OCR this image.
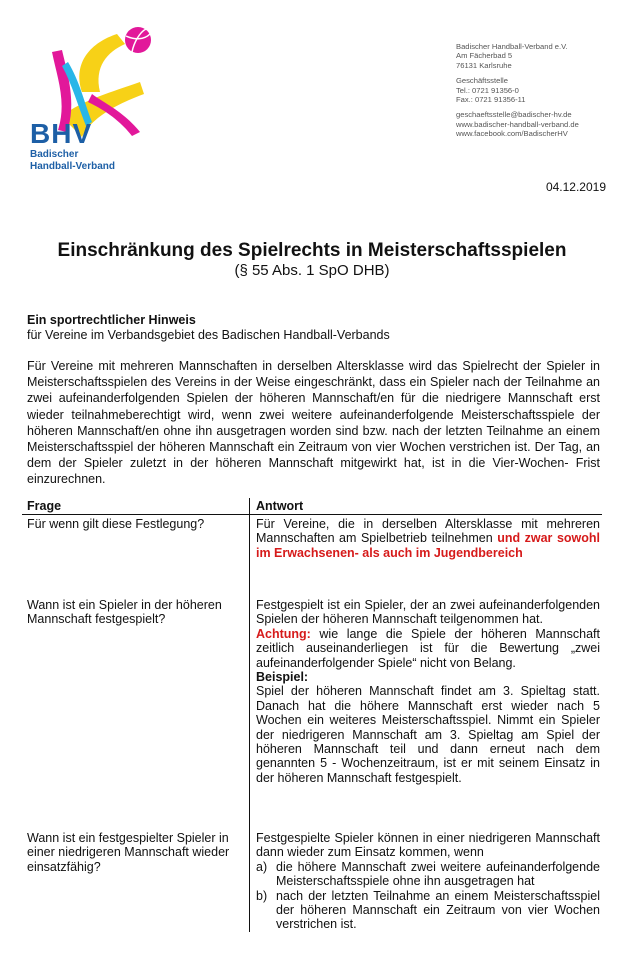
BHV
Badischer
Handball-Verband
Badischer Handball-Verband e.V.
Am Fächerbad 5
76131 Karlsruhe
Geschäftsstelle
Tel.: 0721 91356-0
Fax.: 0721 91356-11
geschaeftsstelle@badischer-hv.de
www.badischer-handball-verband.de
www.facebook.com/BadischerHV
04.12.2019
Einschränkung des Spielrechts in Meisterschaftsspielen
(§ 55 Abs. 1 SpO DHB)
Ein sportrechtlicher Hinweis
für Vereine im Verbandsgebiet des Badischen Handball-Verbands
Für Vereine mit mehreren Mannschaften in derselben Altersklasse wird das Spielrecht der Spieler in Meisterschaftsspielen des Vereins in der Weise eingeschränkt, dass ein Spieler nach der Teilnahme an zwei aufeinanderfolgenden Spielen der höheren Mannschaft/en für die niedrigere Mannschaft erst wieder teilnahmeberechtigt wird, wenn zwei weitere aufeinanderfolgende Meisterschaftsspiele der höheren Mannschaft/en ohne ihn ausgetragen worden sind bzw. nach der letzten Teilnahme an einem Meisterschaftsspiel der höheren Mannschaft ein Zeitraum von vier Wochen verstrichen ist. Der Tag, an dem der Spieler zuletzt in der höheren Mannschaft mitgewirkt hat, ist in die Vier-Wochen- Frist einzurechnen.
Frage	Antwort
Für wenn gilt diese Festlegung?	Für Vereine, die in derselben Altersklasse mit mehreren Mannschaften am Spielbetrieb teilnehmen und zwar sowohl im Erwachsenen- als auch im Jugendbereich
Wann ist ein Spieler in der höheren Mannschaft festgespielt?
Festgespielt ist ein Spieler, der an zwei aufeinanderfolgenden Spielen der höheren Mannschaft teilgenommen hat.
Achtung: wie lange die Spiele der höheren Mannschaft zeitlich auseinanderliegen ist für die Bewertung „zwei aufeinanderfolgender Spiele“ nicht von Belang.
Beispiel:
Spiel der höheren Mannschaft findet am 3. Spieltag statt. Danach hat die höhere Mannschaft erst wieder nach 5 Wochen ein weiteres Meisterschaftsspiel. Nimmt ein Spieler der niedrigeren Mannschaft am 3. Spieltag am Spiel der höheren Mannschaft teil und dann erneut nach dem genannten 5 - Wochenzeitraum, ist er mit seinem Einsatz in der höheren Mannschaft festgespielt.
Wann ist ein festgespielter Spieler in einer niedrigeren Mannschaft wieder einsatzfähig?
Festgespielte Spieler können in einer niedrigeren Mannschaft dann wieder zum Einsatz kommen, wenn
a) die höhere Mannschaft zwei weitere aufeinanderfolgende Meisterschaftsspiele ohne ihn ausgetragen hat
b) nach der letzten Teilnahme an einem Meisterschaftsspiel der höheren Mannschaft ein Zeitraum von vier Wochen verstrichen ist.
